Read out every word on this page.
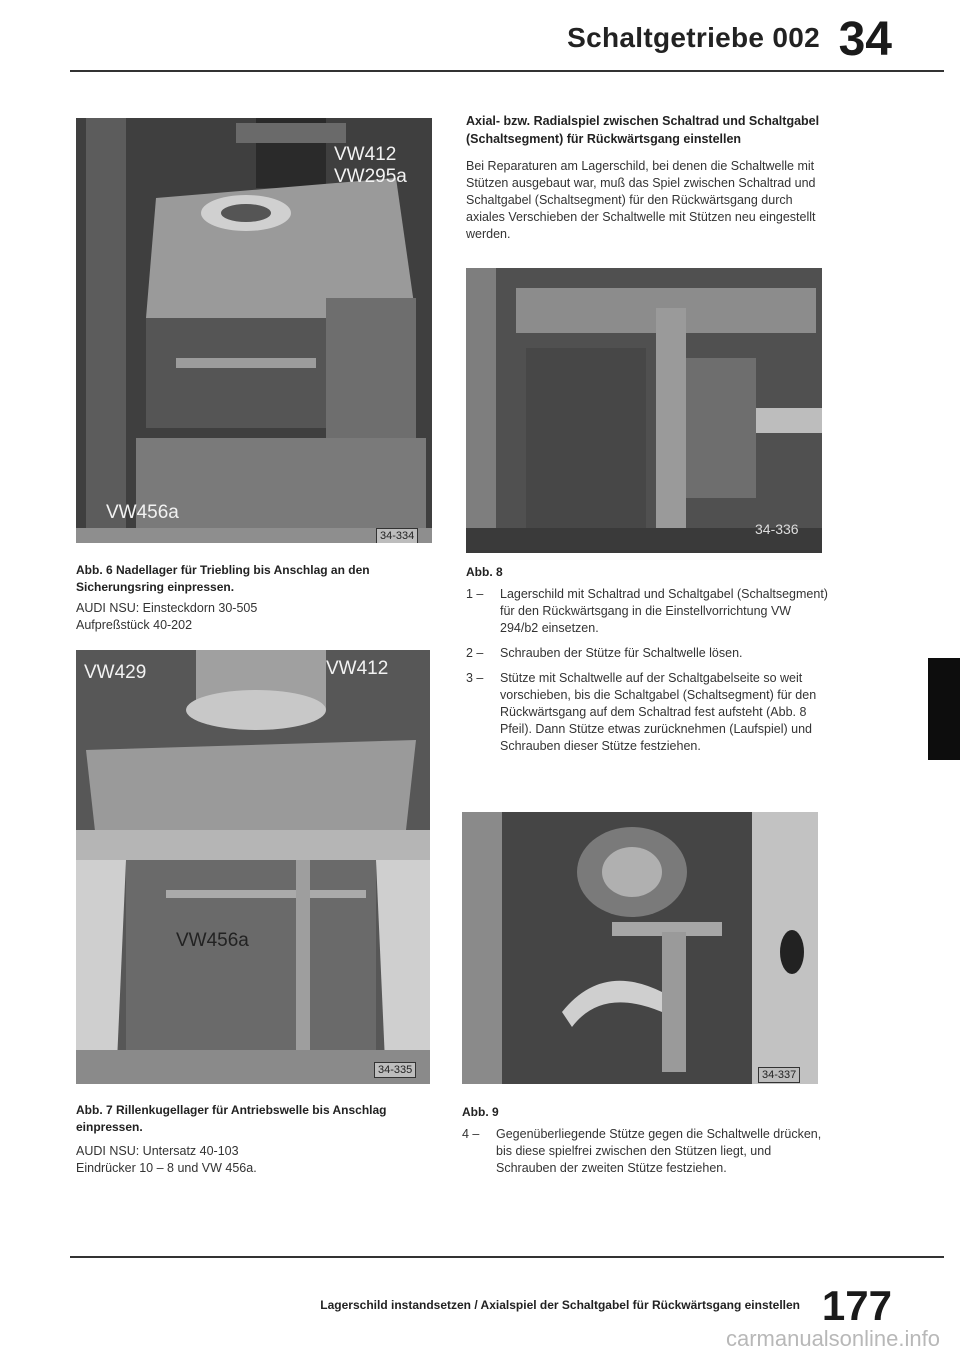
Schaltgetriebe 002 34
VW412
VW295a
VW456a
34-334
Abb. 6 Nadellager für Triebling bis Anschlag an den Sicherungsring einpressen.
AUDI NSU: Einsteckdorn 30-505
Aufpreßstück 40-202
VW429	VW412
VW456a
34-335
Abb. 7 Rillenkugellager für Antriebswelle bis Anschlag einpressen.
AUDI NSU: Untersatz 40-103
Eindrücker 10 – 8 und VW 456a.
Axial- bzw. Radialspiel zwischen Schaltrad und Schaltgabel (Schaltsegment) für Rückwärtsgang einstellen
Bei Reparaturen am Lagerschild, bei denen die Schaltwelle mit Stützen ausgebaut war, muß das Spiel zwischen Schaltrad und Schaltgabel (Schaltsegment) für den Rückwärtsgang durch axiales Verschieben der Schaltwelle mit Stützen neu eingestellt werden.
34-336
Abb. 8
1 –	Lagerschild mit Schaltrad und Schaltgabel (Schaltsegment) für den Rückwärtsgang in die Einstellvorrichtung VW 294/b2 einsetzen.
2 –	Schrauben der Stütze für Schaltwelle lösen.
3 –	Stütze mit Schaltwelle auf der Schaltgabelseite so weit vorschieben, bis die Schaltgabel (Schaltsegment) für den Rückwärtsgang auf dem Schaltrad fest aufsteht (Abb. 8 Pfeil). Dann Stütze etwas zurücknehmen (Laufspiel) und Schrauben dieser Stütze festziehen.
34-337
Abb. 9
4 –	Gegenüberliegende Stütze gegen die Schaltwelle drücken, bis diese spielfrei zwischen den Stützen liegt, und Schrauben der zweiten Stütze festziehen.
Lagerschild instandsetzen / Axialspiel der Schaltgabel für Rückwärtsgang einstellen 177
carmanualsonline.info
